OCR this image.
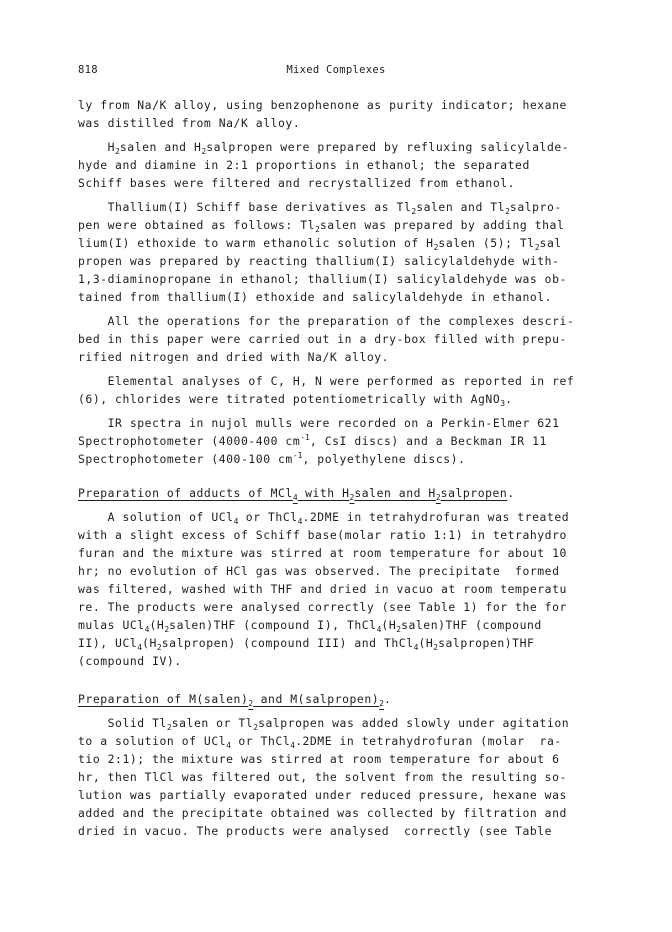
818	Mixed Complexes
ly from Na/K alloy, using benzophenone as purity indicator; hexane
was distilled from Na/K alloy.
$H_2salen$ and $H_2salpropen$ were prepared by refluxing salicylalde-
hyde and diamine in 2:1 proportions in ethanol; the separated
Schiff bases were filtered and recrystallized from ethanol.
Thallium(I) Schiff base derivatives as $Tl_2salen$ and $Tl_2salpro-$
pen were obtained as follows: $Tl_2salen$ was prepared by adding thal
lium(I) ethoxide to warm ethanolic solution of $H_2salen$ (5); $Tl_2sal$
propen was prepared by reacting thallium(I) salicylaldehyde with-
1,3-diaminopropane in ethanol; thallium(I) salicylaldehyde was ob-
tained from thallium(I) ethoxide and salicylaldehyde in ethanol.
All the operations for the preparation of the complexes descri-
bed in this paper were carried out in a dry-box filled with prepu-
rified nitrogen and dried with Na/K alloy.
Elemental analyses of C, H, N were performed as reported in ref
(6), chlorides were titrated potentiometrically with AgNO$_3$.
IR spectra in nujol mulls were recorded on a Perkin-Elmer 621
Spectrophotometer (4000-400 $cm^{-1}$, CsI discs) and a Beckman IR 11
Spectrophotometer (400-100 $cm^{-1}$, polyethylene discs).
Preparation of adducts of MCl$_4$ with $H_2salen$ and $H_2salpropen$.
A solution of UCl$_4$ or ThCl$_4$.2DME in tetrahydrofuran was treated
with a slight excess of Schiff base(molar ratio 1:1) in tetrahydro
furan and the mixture was stirred at room temperature for about 10
hr; no evolution of HCl gas was observed. The precipitate  formed
was filtered, washed with THF and dried in vacuo at room temperatu
re. The products were analysed correctly (see Table 1) for the for
mulas $UCl_4(H_2salen)THF$ (compound I), $ThCl_4(H_2salen)THF$ (compound
II), $UCl_4(H_2salpropen)$ (compound III) and $ThCl_4(H_2salpropen)THF$
(compound IV).
Preparation of $M(salen)_2$ and $M(salpropen)_2$.
Solid $Tl_2salen$ or $Tl_2salpropen$ was added slowly under agitation
to a solution of UCl$_4$ or ThCl$_4$.2DME in tetrahydrofuran (molar  ra-
tio 2:1); the mixture was stirred at room temperature for about 6
hr, then TlCl was filtered out, the solvent from the resulting so-
lution was partially evaporated under reduced pressure, hexane was
added and the precipitate obtained was collected by filtration and
dried in vacuo. The products were analysed  correctly (see Table
